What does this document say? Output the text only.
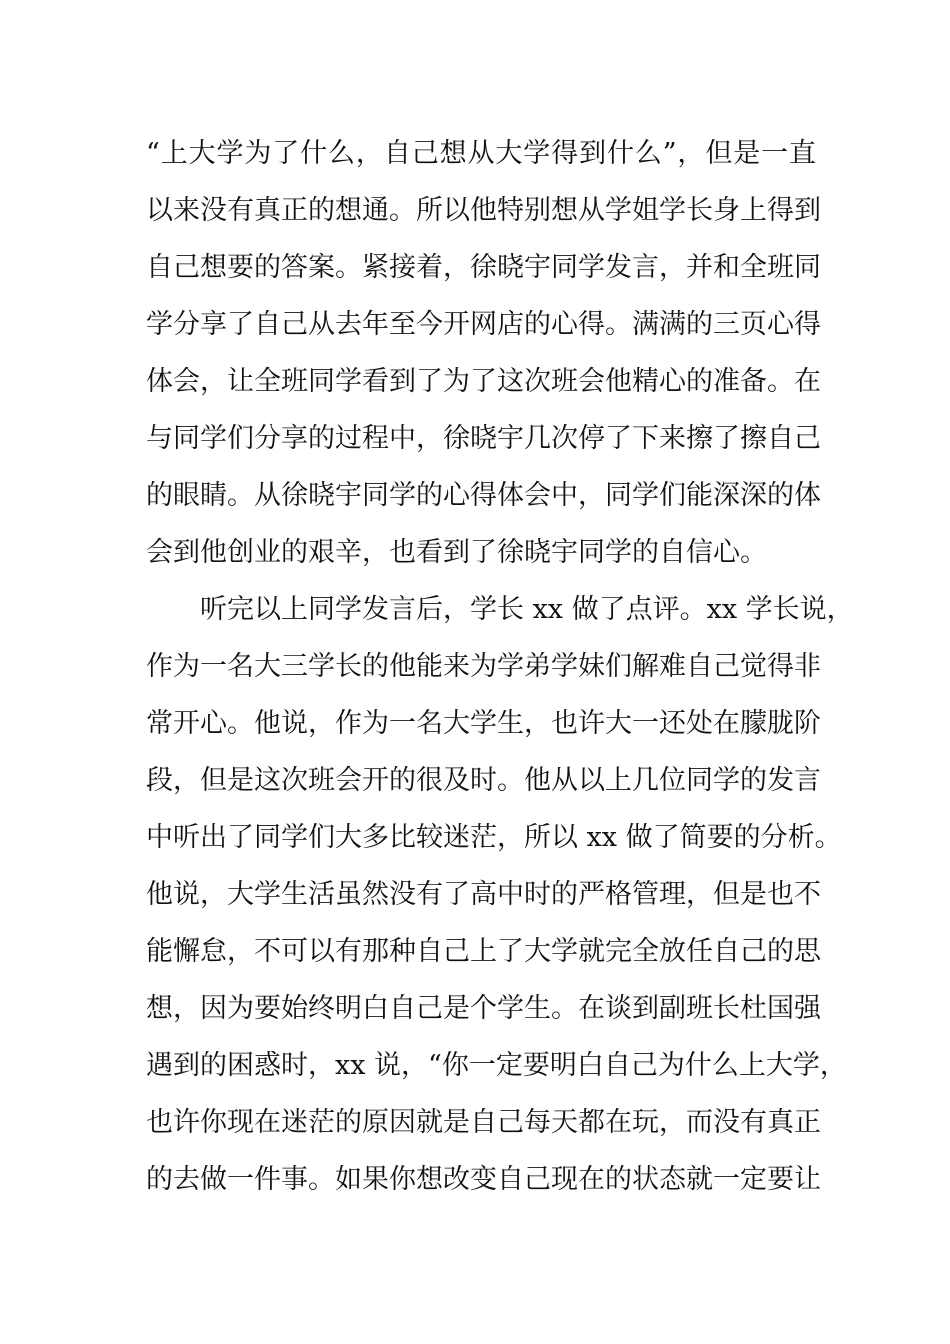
“上大学为了什么，自己想从大学得到什么”，但是一直
以来没有真正的想通。所以他特别想从学姐学长身上得到
自己想要的答案。紧接着，徐晓宇同学发言，并和全班同
学分享了自己从去年至今开网店的心得。满满的三页心得
体会，让全班同学看到了为了这次班会他精心的准备。在
与同学们分享的过程中，徐晓宇几次停了下来擦了擦自己
的眼睛。从徐晓宇同学的心得体会中，同学们能深深的体
会到他创业的艰辛，也看到了徐晓宇同学的自信心。
听完以上同学发言后，学长 xx 做了点评。xx 学长说，
作为一名大三学长的他能来为学弟学妹们解难自己觉得非
常开心。他说，作为一名大学生，也许大一还处在朦胧阶
段，但是这次班会开的很及时。他从以上几位同学的发言
中听出了同学们大多比较迷茫，所以 xx 做了简要的分析。
他说，大学生活虽然没有了高中时的严格管理，但是也不
能懈怠，不可以有那种自己上了大学就完全放任自己的思
想，因为要始终明白自己是个学生。在谈到副班长杜国强
遇到的困惑时，xx 说，“你一定要明白自己为什么上大学，
也许你现在迷茫的原因就是自己每天都在玩，而没有真正
的去做一件事。如果你想改变自己现在的状态就一定要让
